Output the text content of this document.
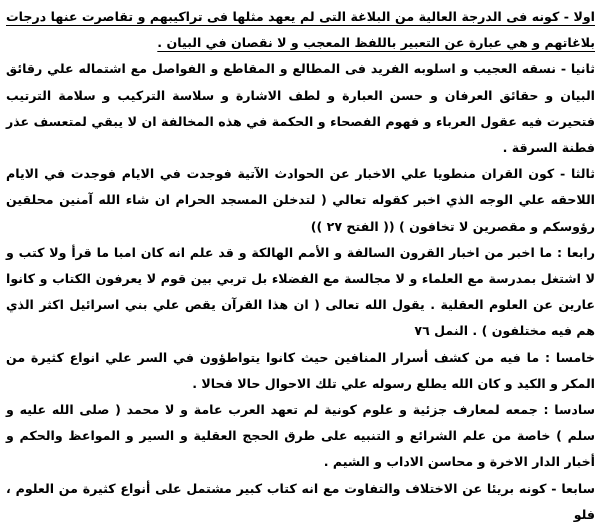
اولا - كونه فى الدرجة العالية من البلاغة التى لم يعهد مثلها فى تراكيبهم و تقاصرت عنها درجات بلاغاتهم و هي عبارة عن التعبير باللفظ المعجب و لا نقصان في البيان .

ثانيا - نسقه العجيب و اسلوبه الفريد فى المطالع و المقاطع و الفواصل مع اشتماله علي رقائق البيان و حقائق العرفان و حسن العبارة و لطف الاشارة و سلاسة التركيب و سلامة الترتيب فتحيرت فيه عقول العرباء و فهوم الفصحاء و الحكمة في هذه المخالفة ان لا يبقي لمتعسف عذر فطنة السرقة .

ثالثا - كون القران منطويا علي الاخبار عن الحوادث الآتية فوجدت في الايام فوجدت في الايام اللاحقه علي الوجه الذي اخبر كقوله تعالي ( لتدخلن المسجد الحرام ان شاء الله آمنين محلقين رؤوسكم و مقصرين لا تخافون ) (( الفتح ٢٧ ))

رابعا : ما اخبر من اخبار القرون السالفة و الأمم الهالكة و قد علم انه كان امبا ما قرأ ولا كتب و لا اشتغل بمدرسة مع العلماء و لا مجالسة مع الفضلاء بل تربي بين قوم لا يعرفون الكتاب و كانوا عارين عن العلوم العقلية . يقول الله تعالى ( ان هذا القرآن يقص علي بني اسرائيل اكثر الذي هم فيه مختلفون ) . النمل ٧٦

خامسا : ما فيه من كشف أسرار المنافين حيث كانوا يتواطؤون في السر علي انواع كثيرة من المكر و الكيد و كان الله يطلع رسوله علي تلك الاحوال حالا فحالا .

سادسا : جمعه لمعارف جزئية و علوم كونية لم تعهد العرب عامة و لا محمد ( صلى الله عليه و سلم ) خاصة من علم الشرائع و التنبيه على طرق الحجج العقلية و السير و المواعظ والحكم و أخبار الدار الاخرة و محاسن الاداب و الشيم .

سابعا - كونه بريئا عن الاختلاف والتفاوت مع انه كتاب كبير مشتمل على أنواع كثيرة من العلوم ، فلو
